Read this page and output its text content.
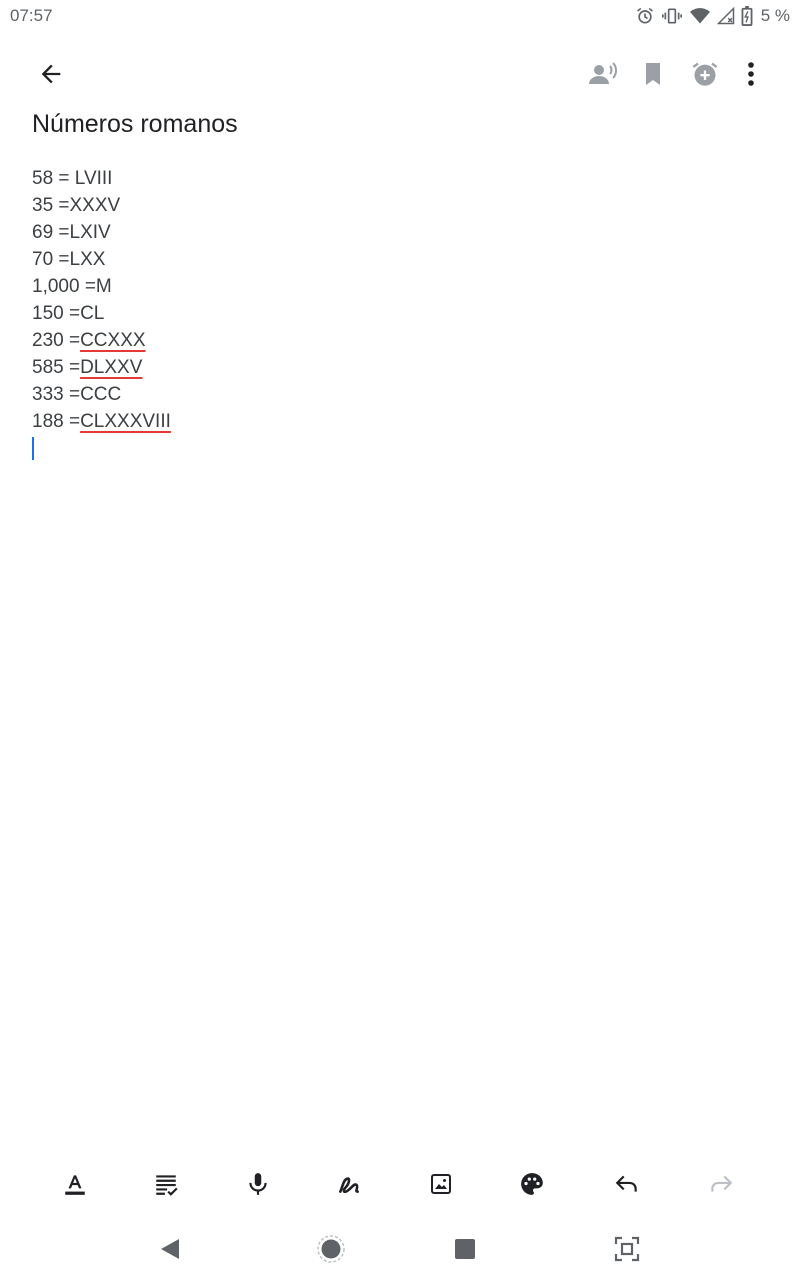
07:57	5 %
Números romanos
58 = LVIII
35 =XXXV
69 =LXIV
70 =LXX
1,000 =M
150 =CL
230 =CCXXX
585 =DLXXV
333 =CCC
188 =CLXXXVIII
